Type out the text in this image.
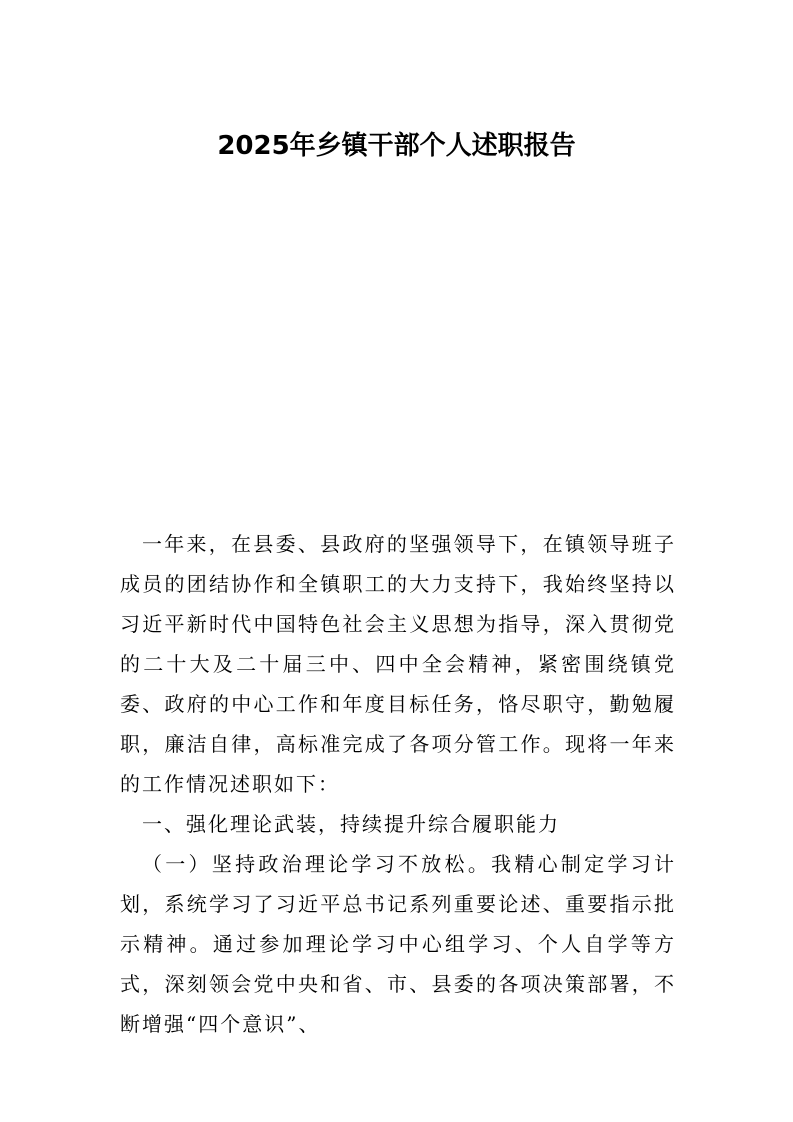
2025年乡镇干部个人述职报告

一年来，在县委、县政府的坚强领导下，在镇领导班子成员的团结协作和全镇职工的大力支持下，我始终坚持以习近平新时代中国特色社会主义思想为指导，深入贯彻党的二十大及二十届三中、四中全会精神，紧密围绕镇党委、政府的中心工作和年度目标任务，恪尽职守，勤勉履职，廉洁自律，高标准完成了各项分管工作。现将一年来的工作情况述职如下：

一、强化理论武装，持续提升综合履职能力

（一）坚持政治理论学习不放松。我精心制定学习计划，系统学习了习近平总书记系列重要论述、重要指示批示精神。通过参加理论学习中心组学习、个人自学等方式，深刻领会党中央和省、市、县委的各项决策部署，不断增强“四个意识”、
